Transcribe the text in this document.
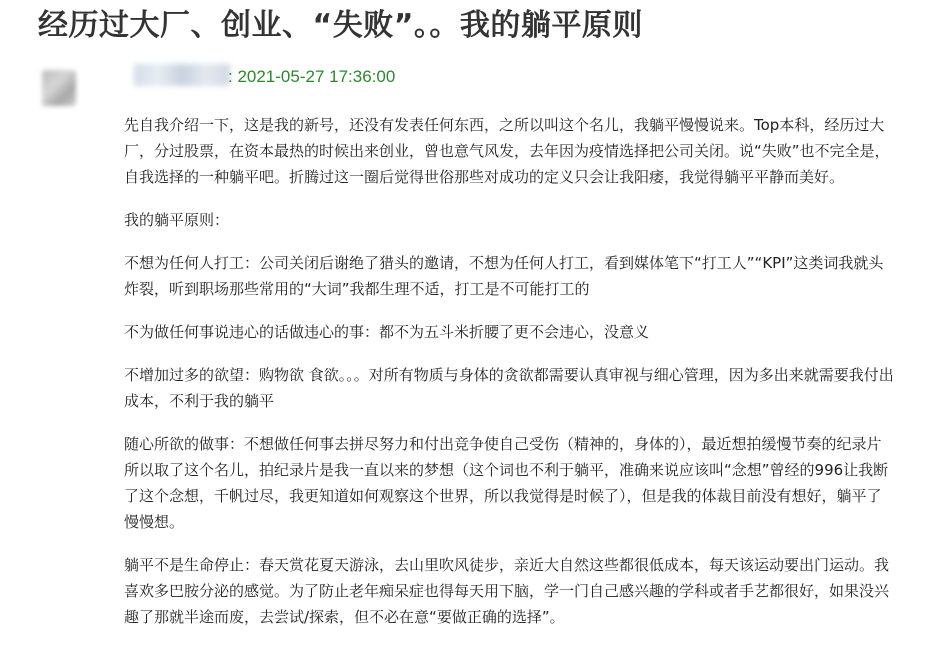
经历过大厂、创业、“失败”。。我的躺平原则
: 2021-05-27 17:36:00

先自我介绍一下，这是我的新号，还没有发表任何东西，之所以叫这个名儿，我躺平慢慢说来。Top本科，经历过大厂，分过股票，在资本最热的时候出来创业，曾也意气风发，去年因为疫情选择把公司关闭。说“失败”也不完全是，自我选择的一种躺平吧。折腾过这一圈后觉得世俗那些对成功的定义只会让我阳痿，我觉得躺平平静而美好。

我的躺平原则：

不想为任何人打工：公司关闭后谢绝了猎头的邀请，不想为任何人打工，看到媒体笔下“打工人”“KPI”这类词我就头炸裂，听到职场那些常用的“大词”我都生理不适，打工是不可能打工的

不为做任何事说违心的话做违心的事：都不为五斗米折腰了更不会违心，没意义

不增加过多的欲望：购物欲 食欲。。。对所有物质与身体的贪欲都需要认真审视与细心管理，因为多出来就需要我付出成本，不利于我的躺平

随心所欲的做事：不想做任何事去拼尽努力和付出竞争使自己受伤（精神的，身体的），最近想拍缓慢节奏的纪录片所以取了这个名儿，拍纪录片是我一直以来的梦想（这个词也不利于躺平，准确来说应该叫“念想”曾经的996让我断了这个念想，千帆过尽，我更知道如何观察这个世界，所以我觉得是时候了），但是我的体裁目前没有想好，躺平了慢慢想。

躺平不是生命停止：春天赏花夏天游泳，去山里吹风徒步，亲近大自然这些都很低成本，每天该运动要出门运动。我喜欢多巴胺分泌的感觉。为了防止老年痴呆症也得每天用下脑，学一门自己感兴趣的学科或者手艺都很好，如果没兴趣了那就半途而废，去尝试/探索，但不必在意“要做正确的选择”。
